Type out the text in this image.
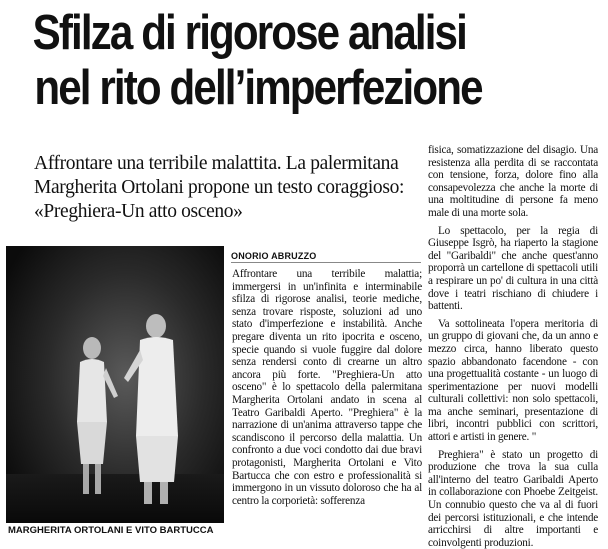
Sfilza di rigorose analisi
nel rito dell’imperfezione

Affrontare una terribile malattita. La palermitana Margherita Ortolani propone un testo coraggioso: «Preghiera-Un atto osceno»

MARGHERITA ORTOLANI E VITO BARTUCCA
ONORIO ABRUZZO

Affrontare una terribile malattia; immergersi in un'infinita e interminabile sfilza di rigorose analisi, teorie mediche, senza trovare risposte, soluzioni ad uno stato d'imperfezione e instabilità. Anche pregare diventa un rito ipocrita e osceno, specie quando si vuole fuggire dal dolore senza rendersi conto di crearne un altro ancora più forte. "Preghiera-Un atto osceno" è lo spettacolo della palermitana Margherita Ortolani andato in scena al Teatro Garibaldi Aperto. "Preghiera" è la narrazione di un'anima attraverso tappe che scandiscono il percorso della malattia. Un confronto a due voci condotto dai due bravi protagonisti, Margherita Ortolani e Vito Bartucca che con estro e professionalità si immergono in un vissuto doloroso che ha al centro la corporietà: sofferenza

fisica, somatizzazione del disagio. Una resistenza alla perdita di se raccontata con tensione, forza, dolore fino alla consapevolezza che anche la morte di una moltitudine di persone fa meno male di una morte sola.

Lo spettacolo, per la regia di Giuseppe Isgrò, ha riaperto la stagione del "Garibaldi" che anche quest'anno proporrà un cartellone di spettacoli utili a respirare un po' di cultura in una città dove i teatri rischiano di chiudere i battenti.

Va sottolineata l'opera meritoria di un gruppo di giovani che, da un anno e mezzo circa, hanno liberato questo spazio abbandonato facendone - con una progettualità costante - un luogo di sperimentazione per nuovi modelli culturali collettivi: non solo spettacoli, ma anche seminari, presentazione di libri, incontri pubblici con scrittori, attori e artisti in genere. "

Preghiera" è stato un progetto di produzione che trova la sua culla all'interno del teatro Garibaldi Aperto in collaborazione con Phoebe Zeitgeist. Un connubio questo che va al di fuori dei percorsi istituzionali, e che intende arricchirsi di altre importanti e coinvolgenti produzioni.
